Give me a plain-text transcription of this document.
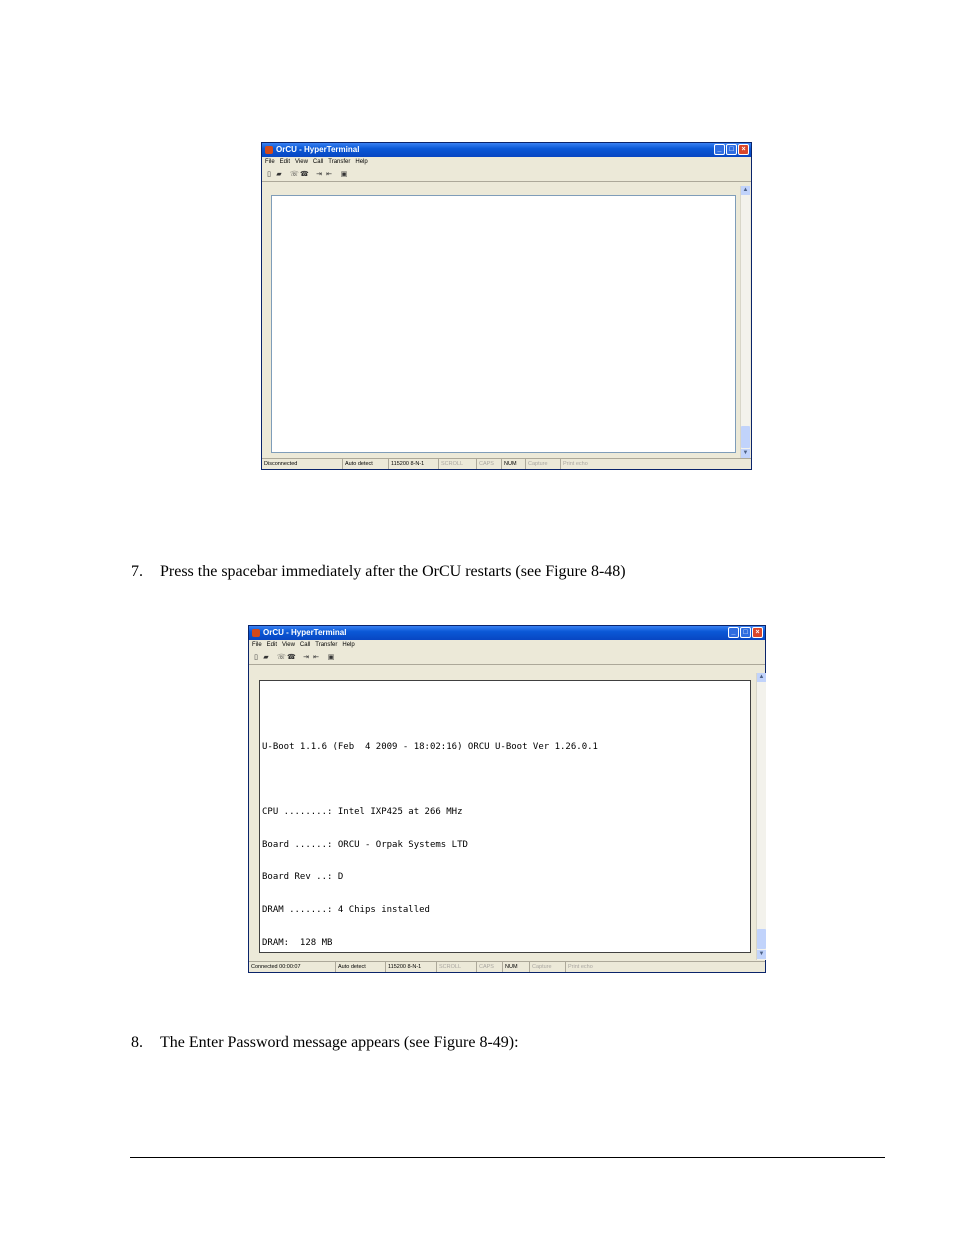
OrCU - HyperTerminal	_	□	×
File Edit View Call Transfer Help
▯ ▰ ☏ ☎ ⇥ ⇤ ▣
▲
▼
Disconnected	Auto detect	115200 8-N-1	SCROLL	CAPS	NUM	Capture	Print echo
7. Press the spacebar immediately after the OrCU restarts (see Figure 8-48)
OrCU - HyperTerminal	_	□	×
File Edit View Call Transfer Help
▯ ▰ ☏ ☎ ⇥ ⇤ ▣

U-Boot 1.1.6 (Feb  4 2009 - 18:02:16) ORCU U-Boot Ver 1.26.0.1

CPU ........: Intel IXP425 at 266 MHz

Board ......: ORCU - Orpak Systems LTD

Board Rev ..: D

DRAM .......: 4 Chips installed

DRAM:  128 MB

▲
▼
Connected 00:00:07	Auto detect	115200 8-N-1	SCROLL	CAPS	NUM	Capture	Print echo
8. The Enter Password message appears (see Figure 8-49):
